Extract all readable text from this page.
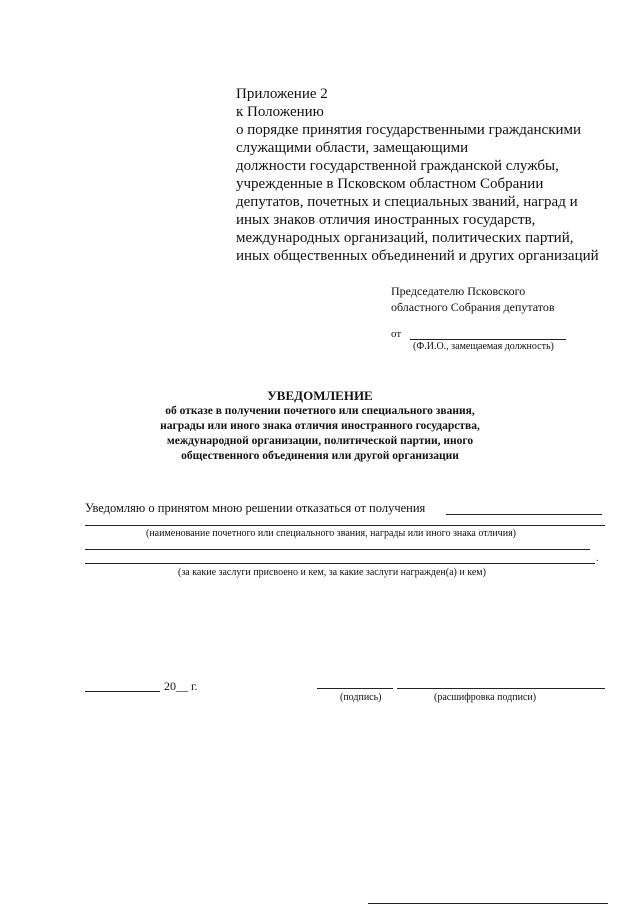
Приложение 2
к Положению
о порядке принятия государственными гражданскими
служащими области, замещающими
должности государственной гражданской службы,
учрежденные в Псковском областном Собрании
депутатов, почетных и специальных званий, наград и
иных знаков отличия иностранных государств,
международных организаций, политических партий,
иных общественных объединений и других организаций
Председателю Псковского
областного Собрания депутатов
от
(Ф.И.О., замещаемая должность)
УВЕДОМЛЕНИЕ
об отказе в получении почетного или специального звания,
награды или иного знака отличия иностранного государства,
международной организации, политической партии, иного
общественного объединения или другой организации
Уведомляю о принятом мною решении отказаться от получения
(наименование почетного или специального звания, награды или иного знака отличия)
.
(за какие заслуги присвоено и кем, за какие заслуги награжден(а) и кем)
20__ г.
(подпись)	(расшифровка подписи)
